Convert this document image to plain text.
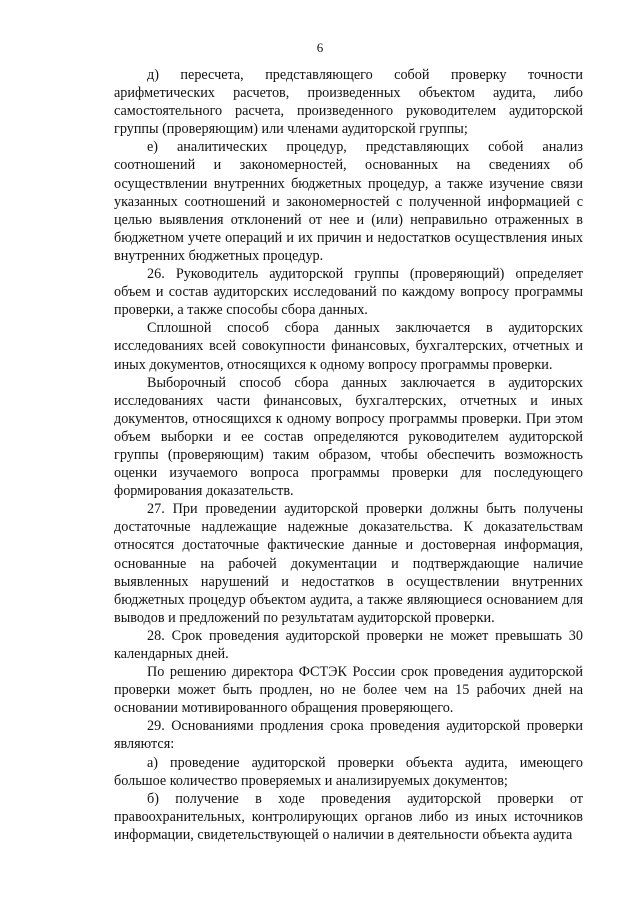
6

д) пересчета, представляющего собой проверку точности арифметических расчетов, произведенных объектом аудита, либо самостоятельного расчета, произведенного руководителем аудиторской группы (проверяющим) или членами аудиторской группы;

е) аналитических процедур, представляющих собой анализ соотношений и закономерностей, основанных на сведениях об осуществлении внутренних бюджетных процедур, а также изучение связи указанных соотношений и закономерностей с полученной информацией с целью выявления отклонений от нее и (или) неправильно отраженных в бюджетном учете операций и их причин и недостатков осуществления иных внутренних бюджетных процедур.

26. Руководитель аудиторской группы (проверяющий) определяет объем и состав аудиторских исследований по каждому вопросу программы проверки, а также способы сбора данных.

Сплошной способ сбора данных заключается в аудиторских исследованиях всей совокупности финансовых, бухгалтерских, отчетных и иных документов, относящихся к одному вопросу программы проверки.

Выборочный способ сбора данных заключается в аудиторских исследованиях части финансовых, бухгалтерских, отчетных и иных документов, относящихся к одному вопросу программы проверки. При этом объем выборки и ее состав определяются руководителем аудиторской группы (проверяющим) таким образом, чтобы обеспечить возможность оценки изучаемого вопроса программы проверки для последующего формирования доказательств.

27. При проведении аудиторской проверки должны быть получены достаточные надлежащие надежные доказательства. К доказательствам относятся достаточные фактические данные и достоверная информация, основанные на рабочей документации и подтверждающие наличие выявленных нарушений и недостатков в осуществлении внутренних бюджетных процедур объектом аудита, а также являющиеся основанием для выводов и предложений по результатам аудиторской проверки.

28. Срок проведения аудиторской проверки не может превышать 30 календарных дней.

По решению директора ФСТЭК России срок проведения аудиторской проверки может быть продлен, но не более чем на 15 рабочих дней на основании мотивированного обращения проверяющего.

29. Основаниями продления срока проведения аудиторской проверки являются:

а) проведение аудиторской проверки объекта аудита, имеющего большое количество проверяемых и анализируемых документов;

б) получение в ходе проведения аудиторской проверки от правоохранительных, контролирующих органов либо из иных источников информации, свидетельствующей о наличии в деятельности объекта аудита
